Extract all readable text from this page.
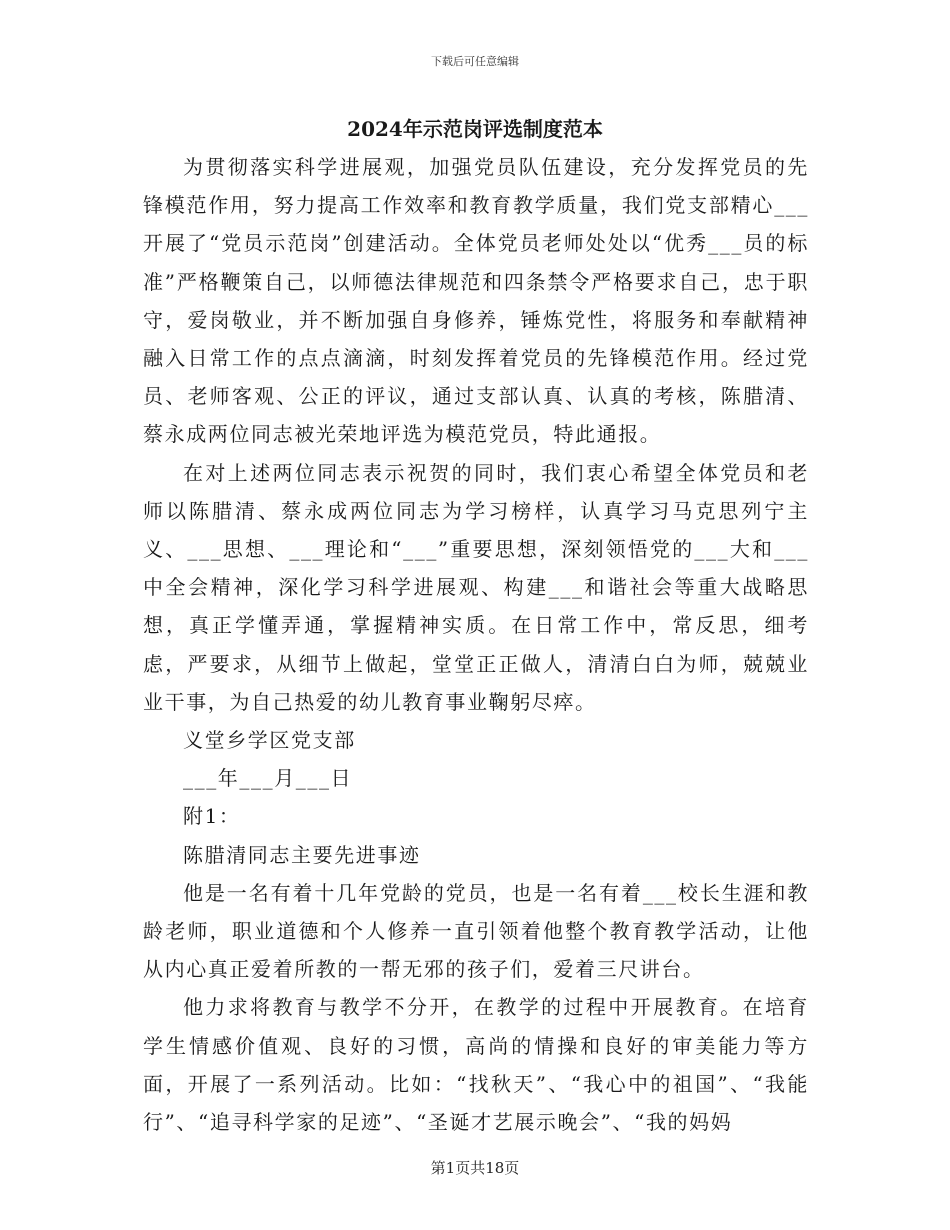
下载后可任意编辑
2024年示范岗评选制度范本

为贯彻落实科学进展观，加强党员队伍建设，充分发挥党员的先锋模范作用，努力提高工作效率和教育教学质量，我们党支部精心___开展了“党员示范岗”创建活动。全体党员老师处处以“优秀___员的标准”严格鞭策自己，以师德法律规范和四条禁令严格要求自己，忠于职守，爱岗敬业，并不断加强自身修养，锤炼党性，将服务和奉献精神融入日常工作的点点滴滴，时刻发挥着党员的先锋模范作用。经过党员、老师客观、公正的评议，通过支部认真、认真的考核，陈腊清、蔡永成两位同志被光荣地评选为模范党员，特此通报。

在对上述两位同志表示祝贺的同时，我们衷心希望全体党员和老师以陈腊清、蔡永成两位同志为学习榜样，认真学习马克思列宁主义、___思想、___理论和“___”重要思想，深刻领悟党的___大和___中全会精神，深化学习科学进展观、构建___和谐社会等重大战略思想，真正学懂弄通，掌握精神实质。在日常工作中，常反思，细考虑，严要求，从细节上做起，堂堂正正做人，清清白白为师，兢兢业业干事，为自己热爱的幼儿教育事业鞠躬尽瘁。

义堂乡学区党支部

___年___月___日

附1：

陈腊清同志主要先进事迹

他是一名有着十几年党龄的党员，也是一名有着___校长生涯和教龄老师，职业道德和个人修养一直引领着他整个教育教学活动，让他从内心真正爱着所教的一帮无邪的孩子们，爱着三尺讲台。

他力求将教育与教学不分开，在教学的过程中开展教育。在培育学生情感价值观、良好的习惯，高尚的情操和良好的审美能力等方面，开展了一系列活动。比如：“找秋天”、“我心中的祖国”、“我能行”、“追寻科学家的足迹”、“圣诞才艺展示晚会”、“我的妈妈

第1页共18页
